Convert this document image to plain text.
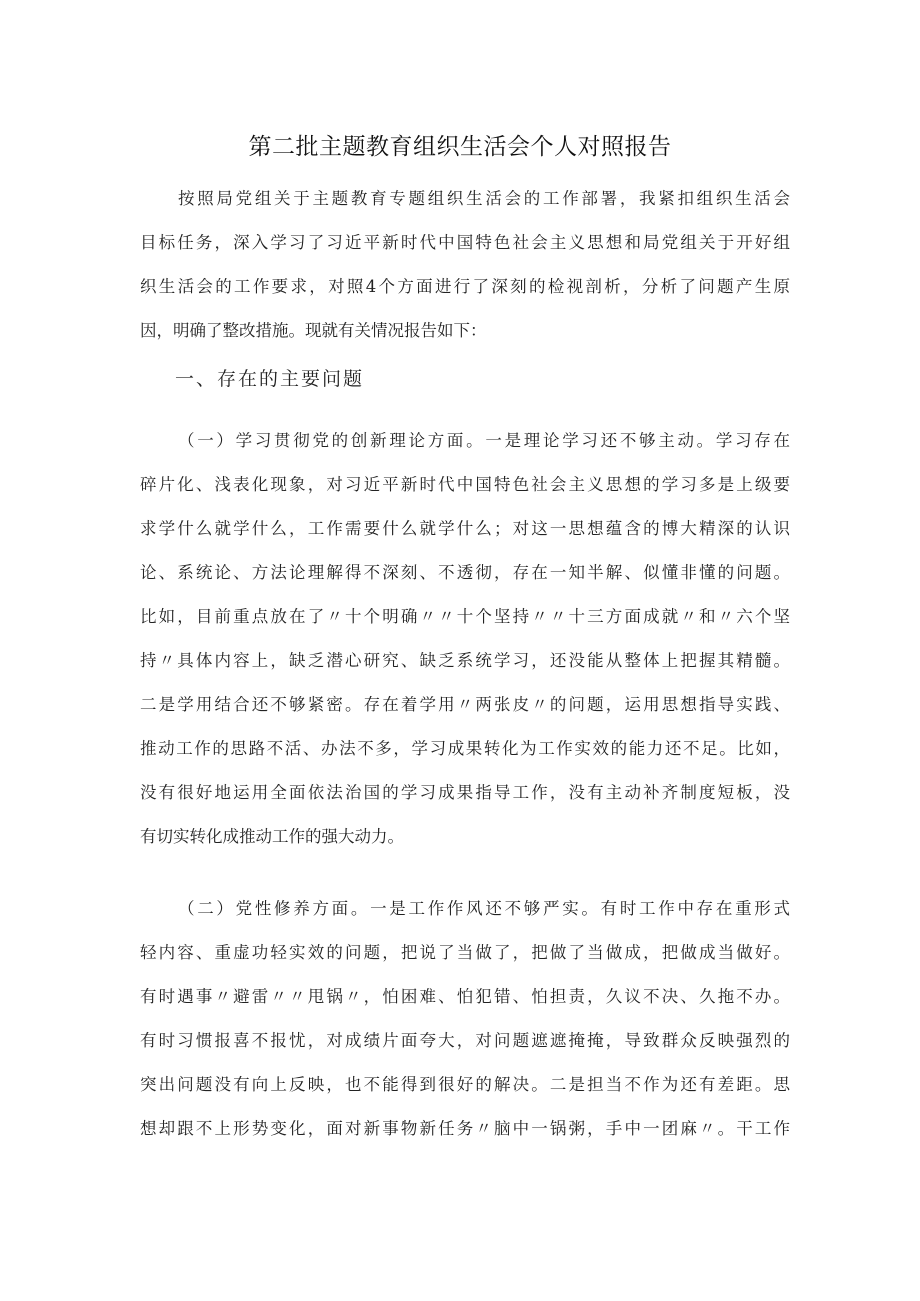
第二批主题教育组织生活会个人对照报告
按照局党组关于主题教育专题组织生活会的工作部署，我紧扣组织生活会
目标任务，深入学习了习近平新时代中国特色社会主义思想和局党组关于开好组
织生活会的工作要求，对照4个方面进行了深刻的检视剖析，分析了问题产生原
因，明确了整改措施。现就有关情况报告如下：
一、存在的主要问题
（一）学习贯彻党的创新理论方面。一是理论学习还不够主动。学习存在
碎片化、浅表化现象，对习近平新时代中国特色社会主义思想的学习多是上级要
求学什么就学什么，工作需要什么就学什么；对这一思想蕴含的博大精深的认识
论、系统论、方法论理解得不深刻、不透彻，存在一知半解、似懂非懂的问题。
比如，目前重点放在了〃十个明确〃〃十个坚持〃〃十三方面成就〃和〃六个坚
持〃具体内容上，缺乏潜心研究、缺乏系统学习，还没能从整体上把握其精髓。
二是学用结合还不够紧密。存在着学用〃两张皮〃的问题，运用思想指导实践、
推动工作的思路不活、办法不多，学习成果转化为工作实效的能力还不足。比如，
没有很好地运用全面依法治国的学习成果指导工作，没有主动补齐制度短板，没
有切实转化成推动工作的强大动力。
（二）党性修养方面。一是工作作风还不够严实。有时工作中存在重形式
轻内容、重虚功轻实效的问题，把说了当做了，把做了当做成，把做成当做好。
有时遇事〃避雷〃〃甩锅〃，怕困难、怕犯错、怕担责，久议不决、久拖不办。
有时习惯报喜不报忧，对成绩片面夸大，对问题遮遮掩掩，导致群众反映强烈的
突出问题没有向上反映，也不能得到很好的解决。二是担当不作为还有差距。思
想却跟不上形势变化，面对新事物新任务〃脑中一锅粥，手中一团麻〃。干工作
